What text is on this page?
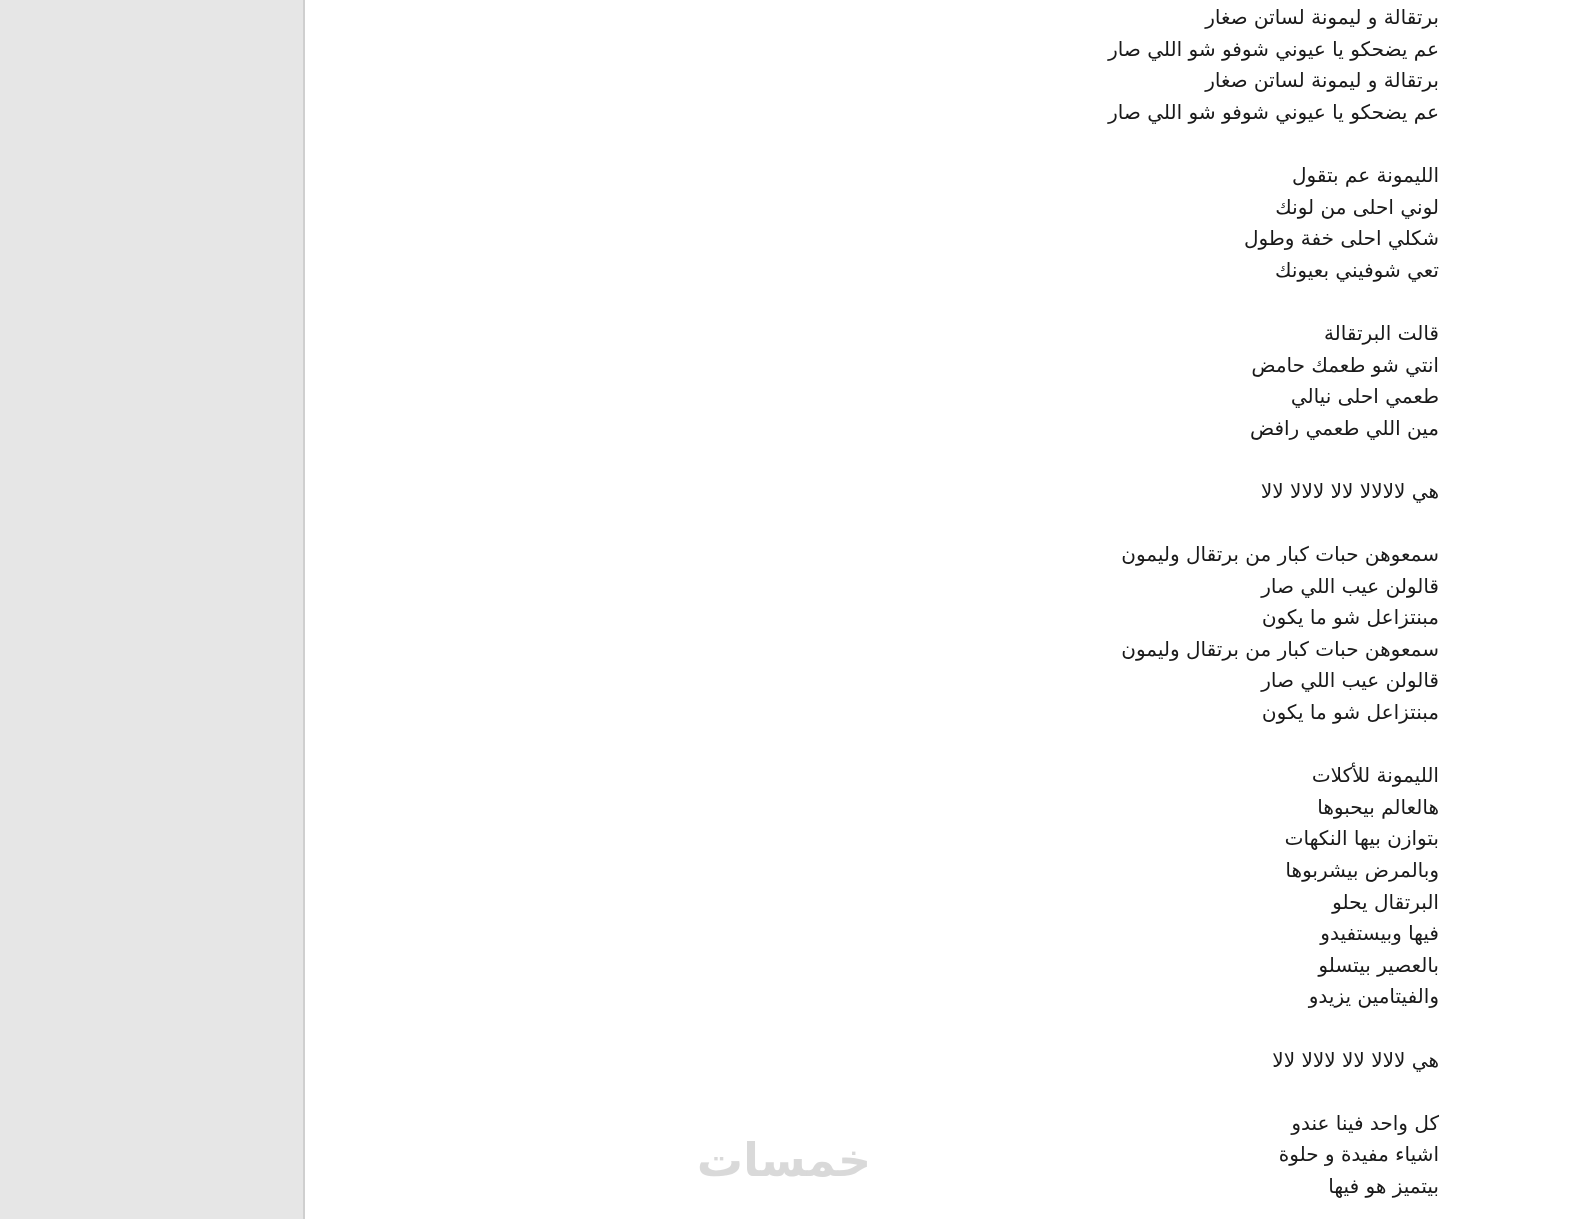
برتقالة و ليمونة لساتن صغار
عم يضحكو يا عيوني شوفو شو اللي صار
برتقالة و ليمونة لساتن صغار
عم يضحكو يا عيوني شوفو شو اللي صار
الليمونة عم بتقول
لوني احلى من لونك
شكلي احلى خفة وطول
تعي شوفيني بعيونك
قالت البرتقالة
انتي شو طعمك حامض
طعمي احلى نيالي
مين اللي طعمي رافض
هي لالالالا لالا لالالا لالا
سمعوهن حبات كبار من برتقال وليمون
قالولن عيب اللي صار
مبنتزاعل شو ما يكون
سمعوهن حبات كبار من برتقال وليمون
قالولن عيب اللي صار
مبنتزاعل شو ما يكون
الليمونة للأكلات
هالعالم بيحبوها
بتوازن بيها النكهات
وبالمرض بيشربوها
البرتقال يحلو
فيها وبيستفيدو
بالعصير بيتسلو
والفيتامين يزيدو
هي لالالا لالا لالالا لالا
كل واحد فينا عندو
اشياء مفيدة و حلوة
بيتميز هو فيها
خمسات
